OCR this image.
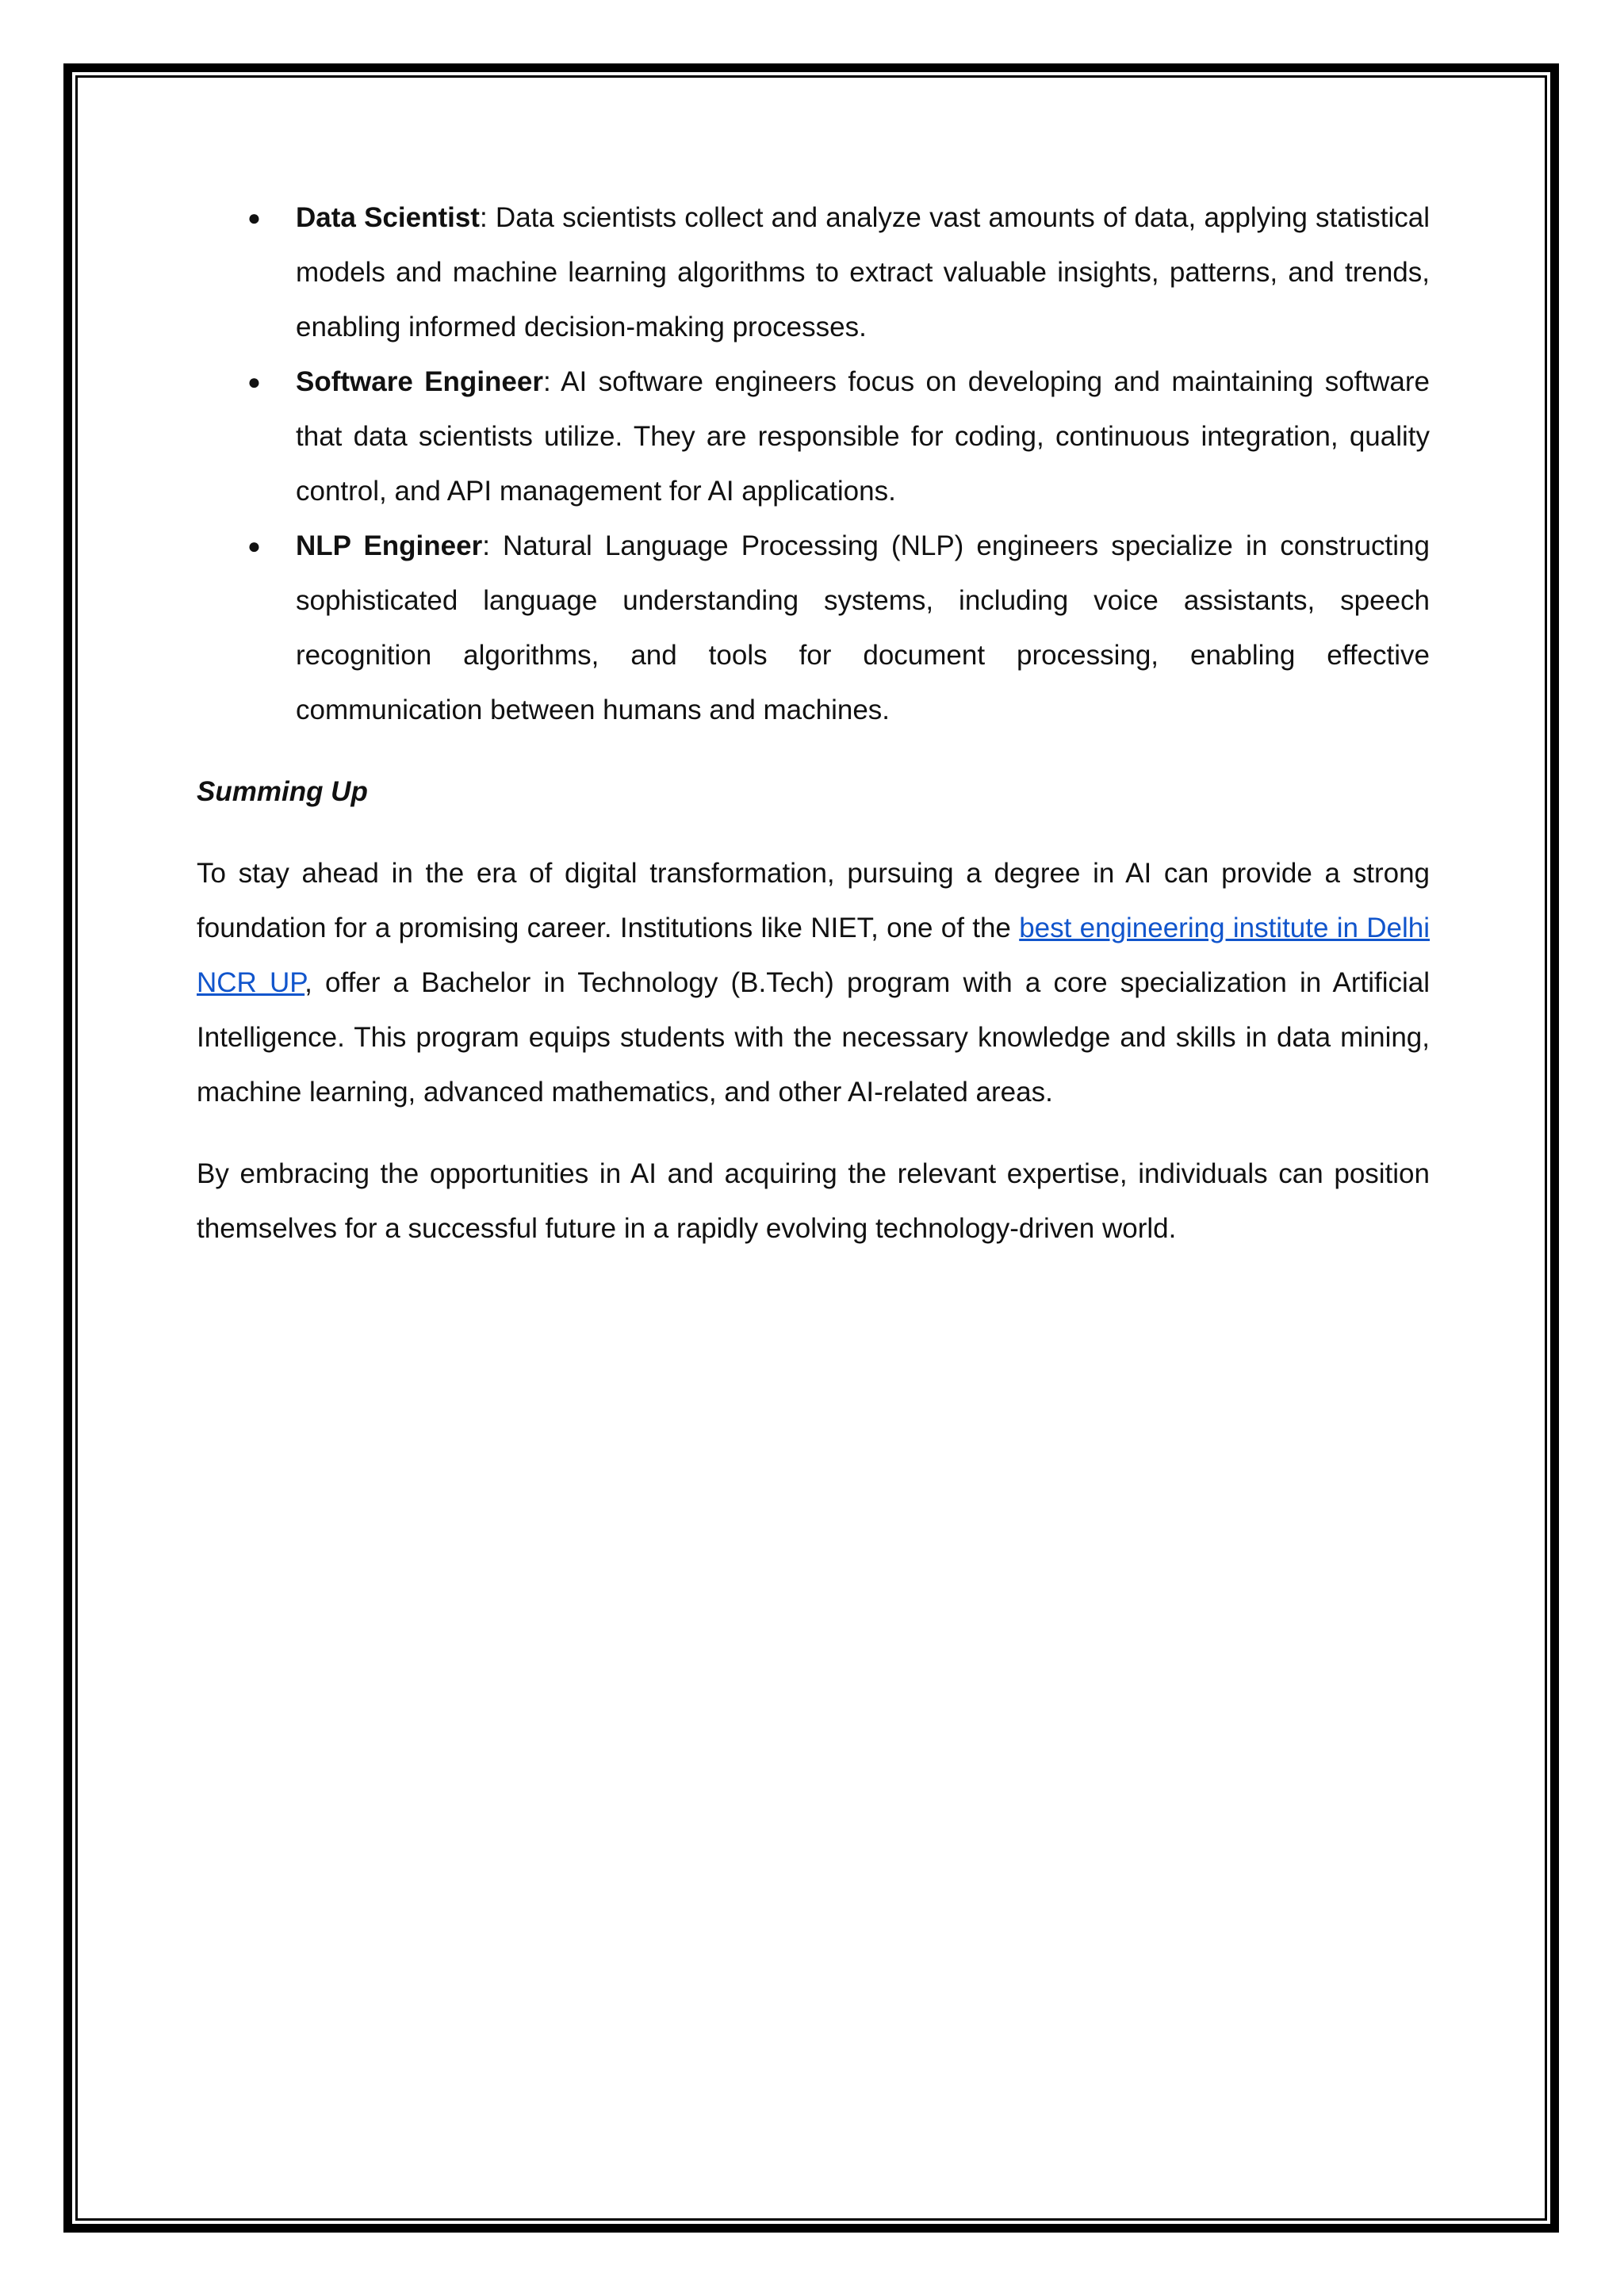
● Data Scientist: Data scientists collect and analyze vast amounts of data, applying statistical models and machine learning algorithms to extract valuable insights, patterns, and trends, enabling informed decision-making processes.
● Software Engineer: AI software engineers focus on developing and maintaining software that data scientists utilize. They are responsible for coding, continuous integration, quality control, and API management for AI applications.
● NLP Engineer: Natural Language Processing (NLP) engineers specialize in constructing sophisticated language understanding systems, including voice assistants, speech recognition algorithms, and tools for document processing, enabling effective communication between humans and machines.
Summing Up

To stay ahead in the era of digital transformation, pursuing a degree in AI can provide a strong foundation for a promising career. Institutions like NIET, one of the best engineering institute in Delhi NCR UP, offer a Bachelor in Technology (B.Tech) program with a core specialization in Artificial Intelligence. This program equips students with the necessary knowledge and skills in data mining, machine learning, advanced mathematics, and other AI-related areas.

By embracing the opportunities in AI and acquiring the relevant expertise, individuals can position themselves for a successful future in a rapidly evolving technology-driven world.
